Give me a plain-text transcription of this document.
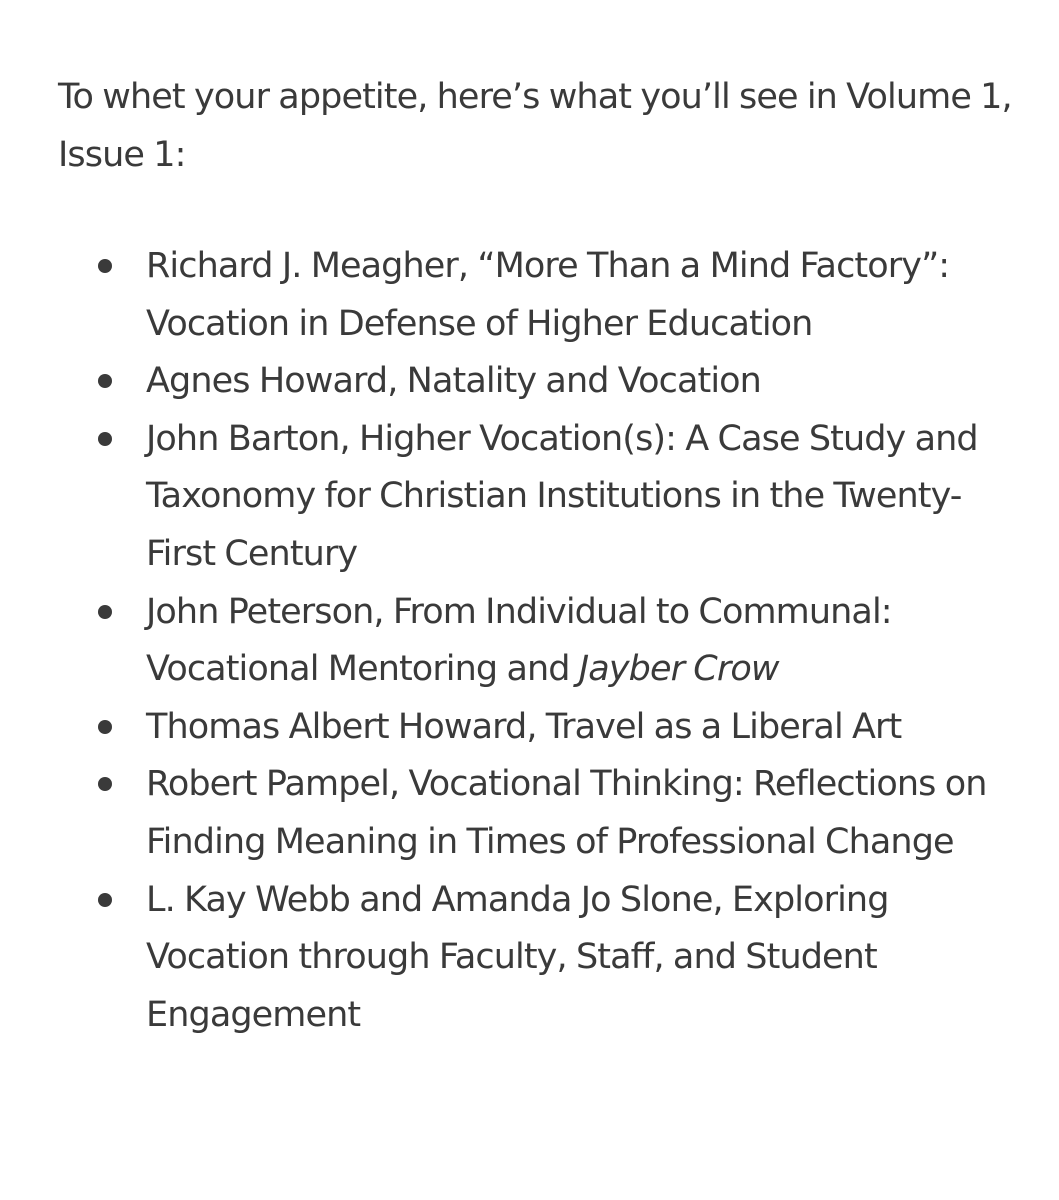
To whet your appetite, here’s what you’ll see in Volume 1, Issue 1:

Richard J. Meagher, “More Than a Mind Factory”: Vocation in Defense of Higher Education
Agnes Howard, Natality and Vocation
John Barton, Higher Vocation(s): A Case Study and Taxonomy for Christian Institutions in the Twenty-First Century
John Peterson, From Individual to Communal: Vocational Mentoring and Jayber Crow
Thomas Albert Howard, Travel as a Liberal Art
Robert Pampel, Vocational Thinking: Reflections on Finding Meaning in Times of Professional Change
L. Kay Webb and Amanda Jo Slone, Exploring Vocation through Faculty, Staff, and Student Engagement
